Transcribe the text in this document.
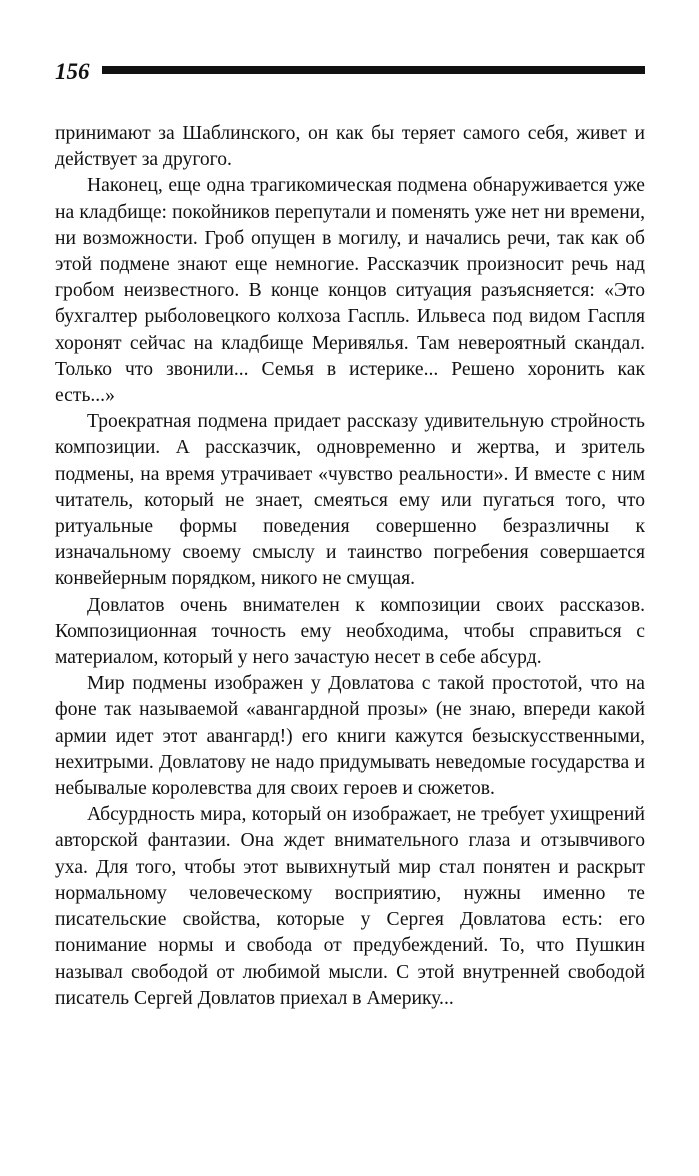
156

принимают за Шаблинского, он как бы теряет самого себя, живет и действует за другого.

Наконец, еще одна трагикомическая подмена обнаруживается уже на кладбище: покойников перепутали и поменять уже нет ни времени, ни возможности. Гроб опущен в могилу, и начались речи, так как об этой подмене знают еще немногие. Рассказчик произносит речь над гробом неизвестного. В конце концов ситуация разъясняется: «Это бухгалтер рыболовецкого колхоза Гаспль. Ильвеса под видом Гаспля хоронят сейчас на кладбище Меривялья. Там невероятный скандал. Только что звонили... Семья в истерике... Решено хоронить как есть...»

Троекратная подмена придает рассказу удивительную стройность композиции. А рассказчик, одновременно и жертва, и зритель подмены, на время утрачивает «чувство реальности». И вместе с ним читатель, который не знает, смеяться ему или пугаться того, что ритуальные формы поведения совершенно безразличны к изначальному своему смыслу и таинство погребения совершается конвейерным порядком, никого не смущая.

Довлатов очень внимателен к композиции своих рассказов. Композиционная точность ему необходима, чтобы справиться с материалом, который у него зачастую несет в себе абсурд.

Мир подмены изображен у Довлатова с такой простотой, что на фоне так называемой «авангардной прозы» (не знаю, впереди какой армии идет этот авангард!) его книги кажутся безыскусственными, нехитрыми. Довлатову не надо придумывать неведомые государства и небывалые королевства для своих героев и сюжетов.

Абсурдность мира, который он изображает, не требует ухищрений авторской фантазии. Она ждет внимательного глаза и отзывчивого уха. Для того, чтобы этот вывихнутый мир стал понятен и раскрыт нормальному человеческому восприятию, нужны именно те писательские свойства, которые у Сергея Довлатова есть: его понимание нормы и свобода от предубеждений. То, что Пушкин называл свободой от любимой мысли. С этой внутренней свободой писатель Сергей Довлатов приехал в Америку...
